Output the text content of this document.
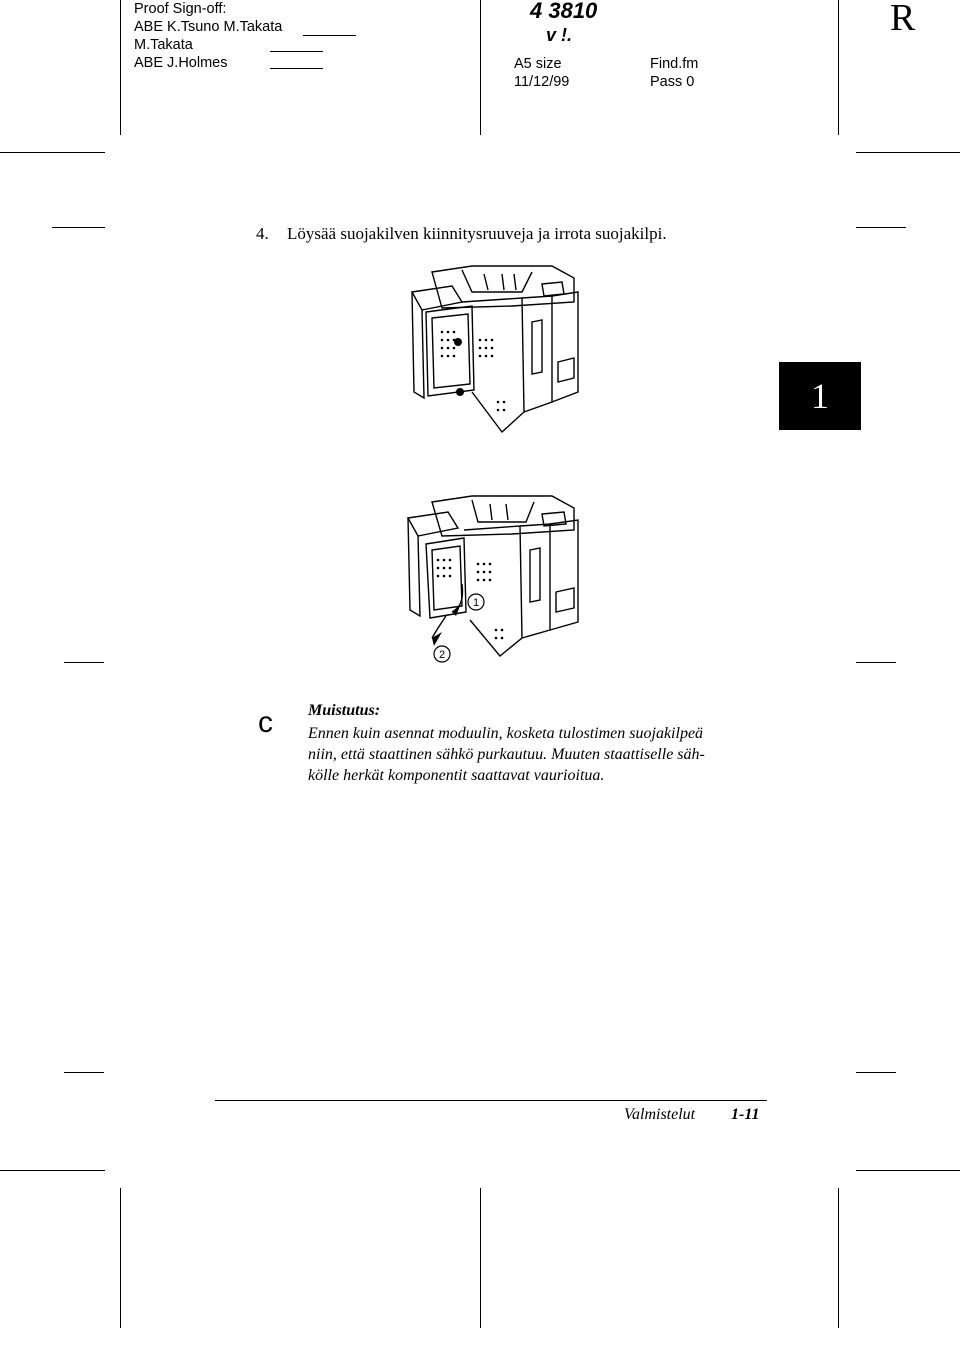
Proof Sign-off:
ABE K.Tsuno M.Takata
M.Takata
ABE J.Holmes
4 3810
v !.
A5 size
11/12/99
Find.fm
Pass 0
R
4. Löysää suojakilven kiinnitysruuveja ja irrota suojakilpi.
1
1
2
c Muistutus:
Ennen kuin asennat moduulin, kosketa tulostimen suojakilpeä
niin, että staattinen sähkö purkautuu. Muuten staattiselle säh-
kölle herkät komponentit saattavat vaurioitua.
Valmistelut 1-11
